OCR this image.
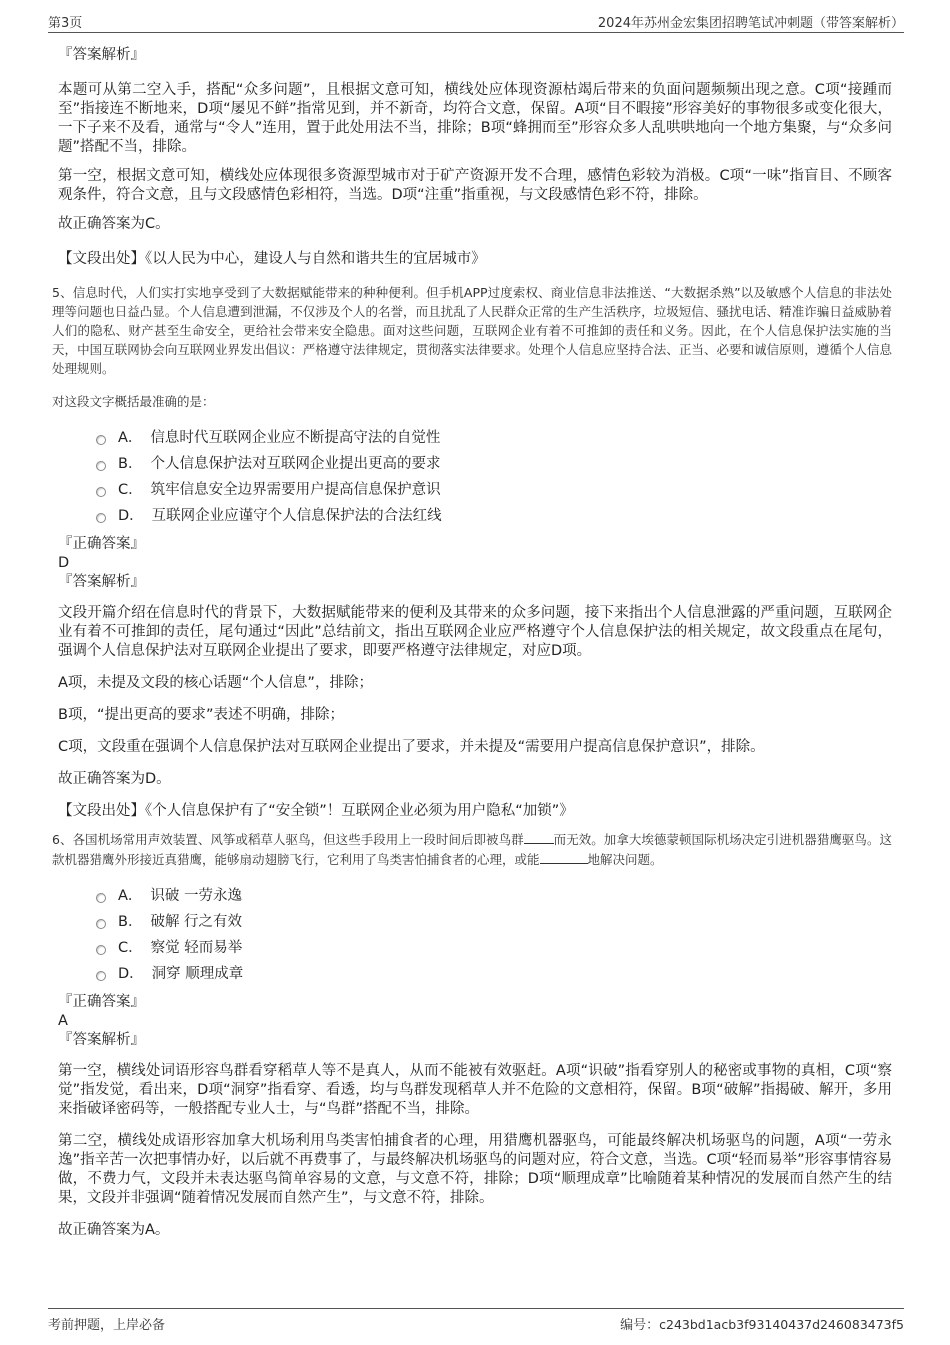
第3页	2024年苏州金宏集团招聘笔试冲刺题（带答案解析）

『答案解析』

本题可从第二空入手，搭配“众多问题”，且根据文意可知，横线处应体现资源枯竭后带来的负面问题频频出现之意。C项“接踵而至”指接连不断地来，D项“屡见不鲜”指常见到，并不新奇，均符合文意，保留。A项“目不暇接”形容美好的事物很多或变化很大，一下子来不及看，通常与“令人”连用，置于此处用法不当，排除；B项“蜂拥而至”形容众多人乱哄哄地向一个地方集聚，与“众多问题”搭配不当，排除。

第一空，根据文意可知，横线处应体现很多资源型城市对于矿产资源开发不合理，感情色彩较为消极。C项“一味”指盲目、不顾客观条件，符合文意，且与文段感情色彩相符，当选。D项“注重”指重视，与文段感情色彩不符，排除。

故正确答案为C。

【文段出处】《以人民为中心，建设人与自然和谐共生的宜居城市》

5、信息时代，人们实打实地享受到了大数据赋能带来的种种便利。但手机APP过度索权、商业信息非法推送、“大数据杀熟”以及敏感个人信息的非法处理等问题也日益凸显。个人信息遭到泄漏，不仅涉及个人的名誉，而且扰乱了人民群众正常的生产生活秩序，垃圾短信、骚扰电话、精准诈骗日益威胁着人们的隐私、财产甚至生命安全，更给社会带来安全隐患。面对这些问题，互联网企业有着不可推卸的责任和义务。因此，在个人信息保护法实施的当天，中国互联网协会向互联网业界发出倡议：严格遵守法律规定，贯彻落实法律要求。处理个人信息应坚持合法、正当、必要和诚信原则，遵循个人信息处理规则。

对这段文字概括最准确的是：

A． 信息时代互联网企业应不断提高守法的自觉性
B． 个人信息保护法对互联网企业提出更高的要求
C． 筑牢信息安全边界需要用户提高信息保护意识
D． 互联网企业应谨守个人信息保护法的合法红线

『正确答案』

D

『答案解析』

文段开篇介绍在信息时代的背景下，大数据赋能带来的便利及其带来的众多问题，接下来指出个人信息泄露的严重问题，互联网企业有着不可推卸的责任，尾句通过“因此”总结前文，指出互联网企业应严格遵守个人信息保护法的相关规定，故文段重点在尾句，强调个人信息保护法对互联网企业提出了要求，即要严格遵守法律规定，对应D项。

A项，未提及文段的核心话题“个人信息”，排除；

B项，“提出更高的要求”表述不明确，排除；

C项，文段重在强调个人信息保护法对互联网企业提出了要求，并未提及“需要用户提高信息保护意识”，排除。

故正确答案为D。

【文段出处】《个人信息保护有了“安全锁”！互联网企业必须为用户隐私“加锁”》

6、各国机场常用声效装置、风筝或稻草人驱鸟，但这些手段用上一段时间后即被鸟群 而无效。加拿大埃德蒙顿国际机场决定引进机器猎鹰驱鸟。这款机器猎鹰外形接近真猎鹰，能够扇动翅膀飞行，它利用了鸟类害怕捕食者的心理，或能	地解决问题。

A． 识破 一劳永逸
B． 破解 行之有效
C． 察觉 轻而易举
D． 洞穿 顺理成章

『正确答案』

A

『答案解析』

第一空，横线处词语形容鸟群看穿稻草人等不是真人，从而不能被有效驱赶。A项“识破”指看穿别人的秘密或事物的真相，C项“察觉”指发觉，看出来，D项“洞穿”指看穿、看透，均与鸟群发现稻草人并不危险的文意相符，保留。B项“破解”指揭破、解开，多用来指破译密码等，一般搭配专业人士，与“鸟群”搭配不当，排除。

第二空，横线处成语形容加拿大机场利用鸟类害怕捕食者的心理，用猎鹰机器驱鸟，可能最终解决机场驱鸟的问题，A项“一劳永逸”指辛苦一次把事情办好，以后就不再费事了，与最终解决机场驱鸟的问题对应，符合文意，当选。C项“轻而易举”形容事情容易做，不费力气，文段并未表达驱鸟简单容易的文意，与文意不符，排除；D项“顺理成章”比喻随着某种情况的发展而自然产生的结果，文段并非强调“随着情况发展而自然产生”，与文意不符，排除。

故正确答案为A。

考前押题，上岸必备	编号：c243bd1acb3f93140437d246083473f5
